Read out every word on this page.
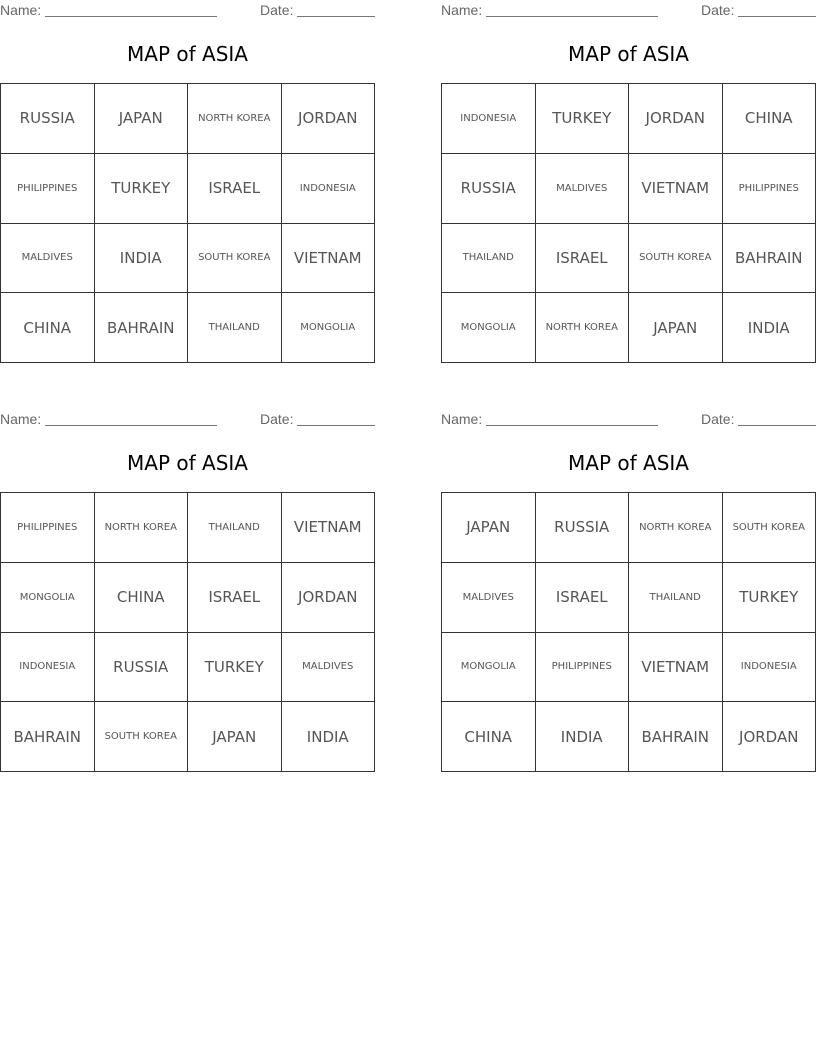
Name:	Date:
MAP of ASIA
RUSSIA	JAPAN	NORTH KOREA	JORDAN
PHILIPPINES	TURKEY	ISRAEL	INDONESIA
MALDIVES	INDIA	SOUTH KOREA	VIETNAM
CHINA	BAHRAIN	THAILAND	MONGOLIA
Name:	Date:
MAP of ASIA
INDONESIA	TURKEY	JORDAN	CHINA
RUSSIA	MALDIVES	VIETNAM	PHILIPPINES
THAILAND	ISRAEL	SOUTH KOREA	BAHRAIN
MONGOLIA	NORTH KOREA	JAPAN	INDIA
Name:	Date:
MAP of ASIA
PHILIPPINES	NORTH KOREA	THAILAND	VIETNAM
MONGOLIA	CHINA	ISRAEL	JORDAN
INDONESIA	RUSSIA	TURKEY	MALDIVES
BAHRAIN	SOUTH KOREA	JAPAN	INDIA
Name:	Date:
MAP of ASIA
JAPAN	RUSSIA	NORTH KOREA	SOUTH KOREA
MALDIVES	ISRAEL	THAILAND	TURKEY
MONGOLIA	PHILIPPINES	VIETNAM	INDONESIA
CHINA	INDIA	BAHRAIN	JORDAN
